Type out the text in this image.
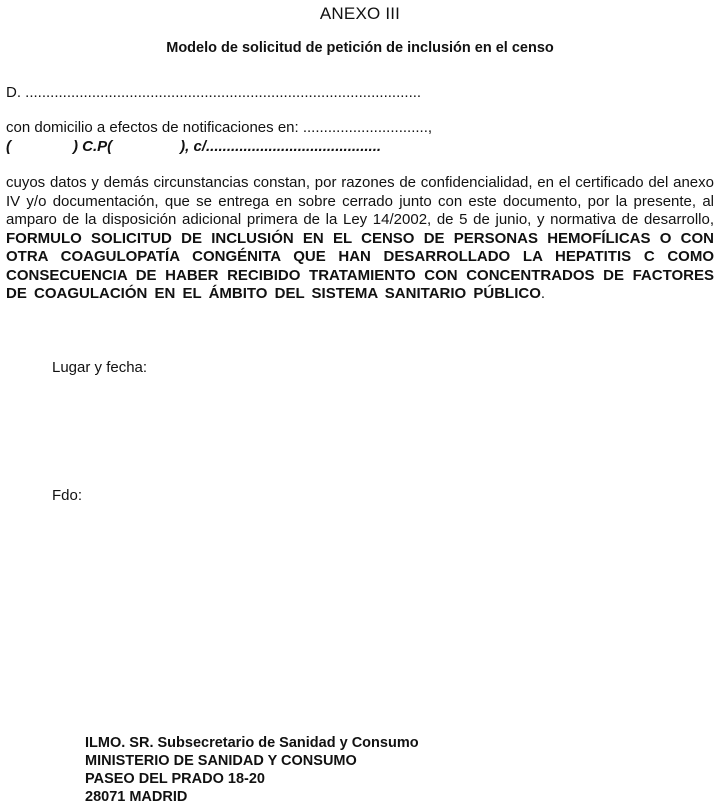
ANEXO III
Modelo de solicitud de petición de inclusión en el censo
D. ...............................................................................................
con domicilio a efectos de notificaciones en: ..............................,
(	) C.P(	), c/..........................................
cuyos datos y demás circunstancias constan, por razones de confidencialidad, en el certificado del anexo IV y/o documentación, que se entrega en sobre cerrado junto con este documento, por la presente, al amparo de la disposición adicional primera de la Ley 14/2002, de 5 de junio, y normativa de desarrollo, FORMULO SOLICITUD DE INCLUSIÓN EN EL CENSO DE PERSONAS HEMOFÍLICAS O CON OTRA COAGULOPATÍA CONGÉNITA QUE HAN DESARROLLADO LA HEPATITIS C COMO CONSECUENCIA DE HABER RECIBIDO TRATAMIENTO CON CONCENTRADOS DE FACTORES DE COAGULACIÓN EN EL ÁMBITO DEL SISTEMA SANITARIO PÚBLICO.
Lugar y fecha:
Fdo:
ILMO. SR. Subsecretario de Sanidad y Consumo
MINISTERIO DE SANIDAD Y CONSUMO
PASEO DEL PRADO 18-20
28071 MADRID
